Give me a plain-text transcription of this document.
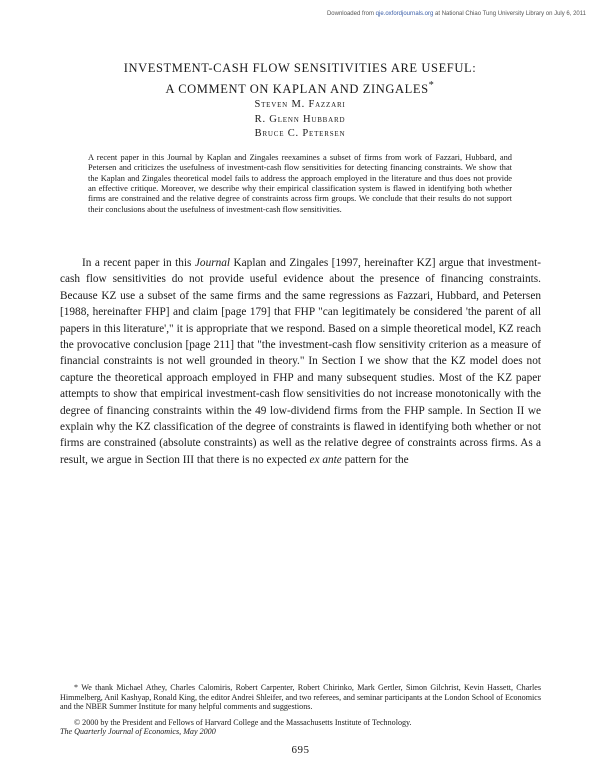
Downloaded from qje.oxfordjournals.org at National Chiao Tung University Library on July 6, 2011
INVESTMENT-CASH FLOW SENSITIVITIES ARE USEFUL:
A COMMENT ON KAPLAN AND ZINGALES*
Steven M. Fazzari
R. Glenn Hubbard
Bruce C. Petersen
A recent paper in this Journal by Kaplan and Zingales reexamines a subset of firms from work of Fazzari, Hubbard, and Petersen and criticizes the usefulness of investment-cash flow sensitivities for detecting financing constraints. We show that the Kaplan and Zingales theoretical model fails to address the approach employed in the literature and thus does not provide an effective critique. Moreover, we describe why their empirical classification system is flawed in identifying both whether firms are constrained and the relative degree of constraints across firm groups. We conclude that their results do not support their conclusions about the usefulness of investment-cash flow sensitivities.
In a recent paper in this Journal Kaplan and Zingales [1997, hereinafter KZ] argue that investment-cash flow sensitivities do not provide useful evidence about the presence of financing constraints. Because KZ use a subset of the same firms and the same regressions as Fazzari, Hubbard, and Petersen [1988, hereinafter FHP] and claim [page 179] that FHP "can legitimately be considered 'the parent of all papers in this literature'," it is appropriate that we respond. Based on a simple theoretical model, KZ reach the provocative conclusion [page 211] that "the investment-cash flow sensitivity criterion as a measure of financial constraints is not well grounded in theory." In Section I we show that the KZ model does not capture the theoretical approach employed in FHP and many subsequent studies. Most of the KZ paper attempts to show that empirical investment-cash flow sensitivities do not increase monotonically with the degree of financing constraints within the 49 low-dividend firms from the FHP sample. In Section II we explain why the KZ classification of the degree of constraints is flawed in identifying both whether or not firms are constrained (absolute constraints) as well as the relative degree of constraints across firms. As a result, we argue in Section III that there is no expected ex ante pattern for the

* We thank Michael Athey, Charles Calomiris, Robert Carpenter, Robert Chirinko, Mark Gertler, Simon Gilchrist, Kevin Hassett, Charles Himmelberg, Anil Kashyap, Ronald King, the editor Andrei Shleifer, and two referees, and seminar participants at the London School of Economics and the NBER Summer Institute for many helpful comments and suggestions.

© 2000 by the President and Fellows of Harvard College and the Massachusetts Institute of Technology.
The Quarterly Journal of Economics, May 2000

695
